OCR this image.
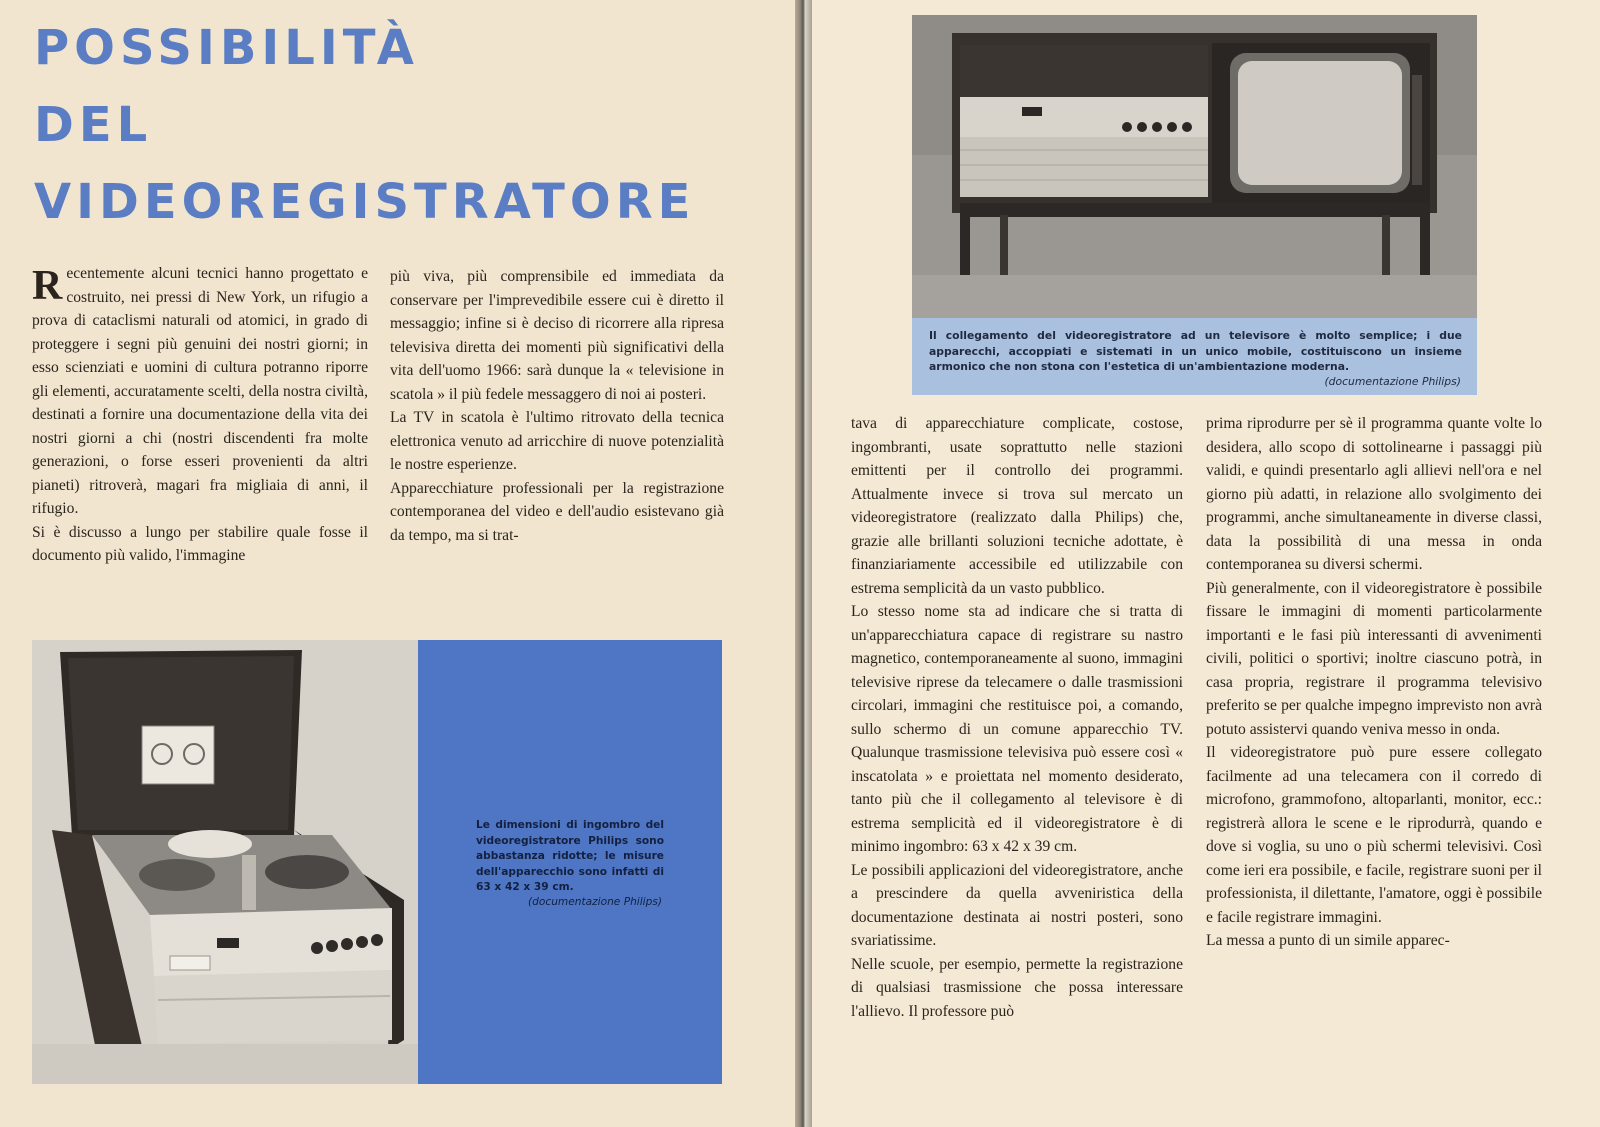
POSSIBILITÀ
DEL
VIDEOREGISTRATORE

Recentemente alcuni tecnici hanno progettato e costruito, nei pressi di New York, un rifugio a prova di cataclismi naturali od atomici, in grado di proteggere i segni più genuini dei nostri giorni; in esso scienziati e uomini di cultura potranno riporre gli elementi, accuratamente scelti, della nostra civiltà, destinati a fornire una documentazione della vita dei nostri giorni a chi (nostri discendenti fra molte generazioni, o forse esseri provenienti da altri pianeti) ritroverà, magari fra migliaia di anni, il rifugio.

Si è discusso a lungo per stabilire quale fosse il documento più valido, l'immagine

più viva, più comprensibile ed immediata da conservare per l'imprevedibile essere cui è diretto il messaggio; infine si è deciso di ricorrere alla ripresa televisiva diretta dei momenti più significativi della vita dell'uomo 1966: sarà dunque la « televisione in scatola » il più fedele messaggero di noi ai posteri.

La TV in scatola è l'ultimo ritrovato della tecnica elettronica venuto ad arricchire di nuove potenzialità le nostre esperienze.

Apparecchiature professionali per la registrazione contemporanea del video e dell'audio esistevano già da tempo, ma si trat-

Le dimensioni di ingombro del videoregistratore Philips sono abbastanza ridotte; le misure dell'apparecchio sono infatti di 63 x 42 x 39 cm.
(documentazione Philips)
Il collegamento del videoregistratore ad un televisore è molto semplice; i due apparecchi, accoppiati e sistemati in un unico mobile, costituiscono un insieme armonico che non stona con l'estetica di un'ambientazione moderna.
(documentazione Philips)

tava di apparecchiature complicate, costose, ingombranti, usate soprattutto nelle stazioni emittenti per il controllo dei programmi. Attualmente invece si trova sul mercato un videoregistratore (realizzato dalla Philips) che, grazie alle brillanti soluzioni tecniche adottate, è finanziariamente accessibile ed utilizzabile con estrema semplicità da un vasto pubblico.

Lo stesso nome sta ad indicare che si tratta di un'apparecchiatura capace di registrare su nastro magnetico, contemporaneamente al suono, immagini televisive riprese da telecamere o dalle trasmissioni circolari, immagini che restituisce poi, a comando, sullo schermo di un comune apparecchio TV. Qualunque trasmissione televisiva può essere così « inscatolata » e proiettata nel momento desiderato, tanto più che il collegamento al televisore è di estrema semplicità ed il videoregistratore è di minimo ingombro: 63 x 42 x 39 cm.

Le possibili applicazioni del videoregistratore, anche a prescindere da quella avveniristica della documentazione destinata ai nostri posteri, sono svariatissime.

Nelle scuole, per esempio, permette la registrazione di qualsiasi trasmissione che possa interessare l'allievo. Il professore può

prima riprodurre per sè il programma quante volte lo desidera, allo scopo di sottolinearne i passaggi più validi, e quindi presentarlo agli allievi nell'ora e nel giorno più adatti, in relazione allo svolgimento dei programmi, anche simultaneamente in diverse classi, data la possibilità di una messa in onda contemporanea su diversi schermi.

Più generalmente, con il videoregistratore è possibile fissare le immagini di momenti particolarmente importanti e le fasi più interessanti di avvenimenti civili, politici o sportivi; inoltre ciascuno potrà, in casa propria, registrare il programma televisivo preferito se per qualche impegno imprevisto non avrà potuto assistervi quando veniva messo in onda.

Il videoregistratore può pure essere collegato facilmente ad una telecamera con il corredo di microfono, grammofono, altoparlanti, monitor, ecc.: registrerà allora le scene e le riprodurrà, quando e dove si voglia, su uno o più schermi televisivi. Così come ieri era possibile, e facile, registrare suoni per il professionista, il dilettante, l'amatore, oggi è possibile e facile registrare immagini.

La messa a punto di un simile apparec-
